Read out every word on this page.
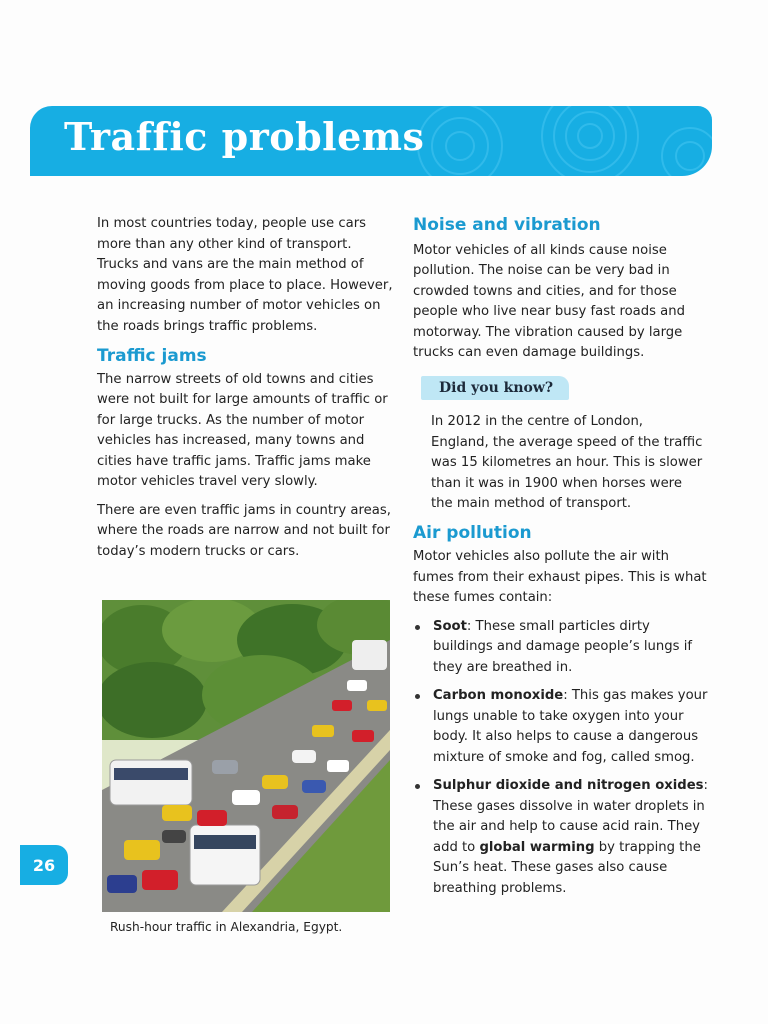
Traffic problems

In most countries today, people use cars more than any other kind of transport. Trucks and vans are the main method of moving goods from place to place. However, an increasing number of motor vehicles on the roads brings traffic problems.

Traffic jams

The narrow streets of old towns and cities were not built for large amounts of traffic or for large trucks. As the number of motor vehicles has increased, many towns and cities have traffic jams. Traffic jams make motor vehicles travel very slowly.

There are even traffic jams in country areas, where the roads are narrow and not built for today’s modern trucks or cars.

Rush-hour traffic in Alexandria, Egypt.
Noise and vibration

Motor vehicles of all kinds cause noise pollution. The noise can be very bad in crowded towns and cities, and for those people who live near busy fast roads and motorway. The vibration caused by large trucks can even damage buildings.

Did you know?
In 2012 in the centre of London, England, the average speed of the traffic was 15 kilometres an hour. This is slower than it was in 1900 when horses were the main method of transport.
Air pollution

Motor vehicles also pollute the air with fumes from their exhaust pipes. This is what these fumes contain:

Soot: These small particles dirty buildings and damage people’s lungs if they are breathed in.
Carbon monoxide: This gas makes your lungs unable to take oxygen into your body. It also helps to cause a dangerous mixture of smoke and fog, called smog.
Sulphur dioxide and nitrogen oxides: These gases dissolve in water droplets in the air and help to cause acid rain. They add to global warming by trapping the Sun’s heat. These gases also cause breathing problems.
26
